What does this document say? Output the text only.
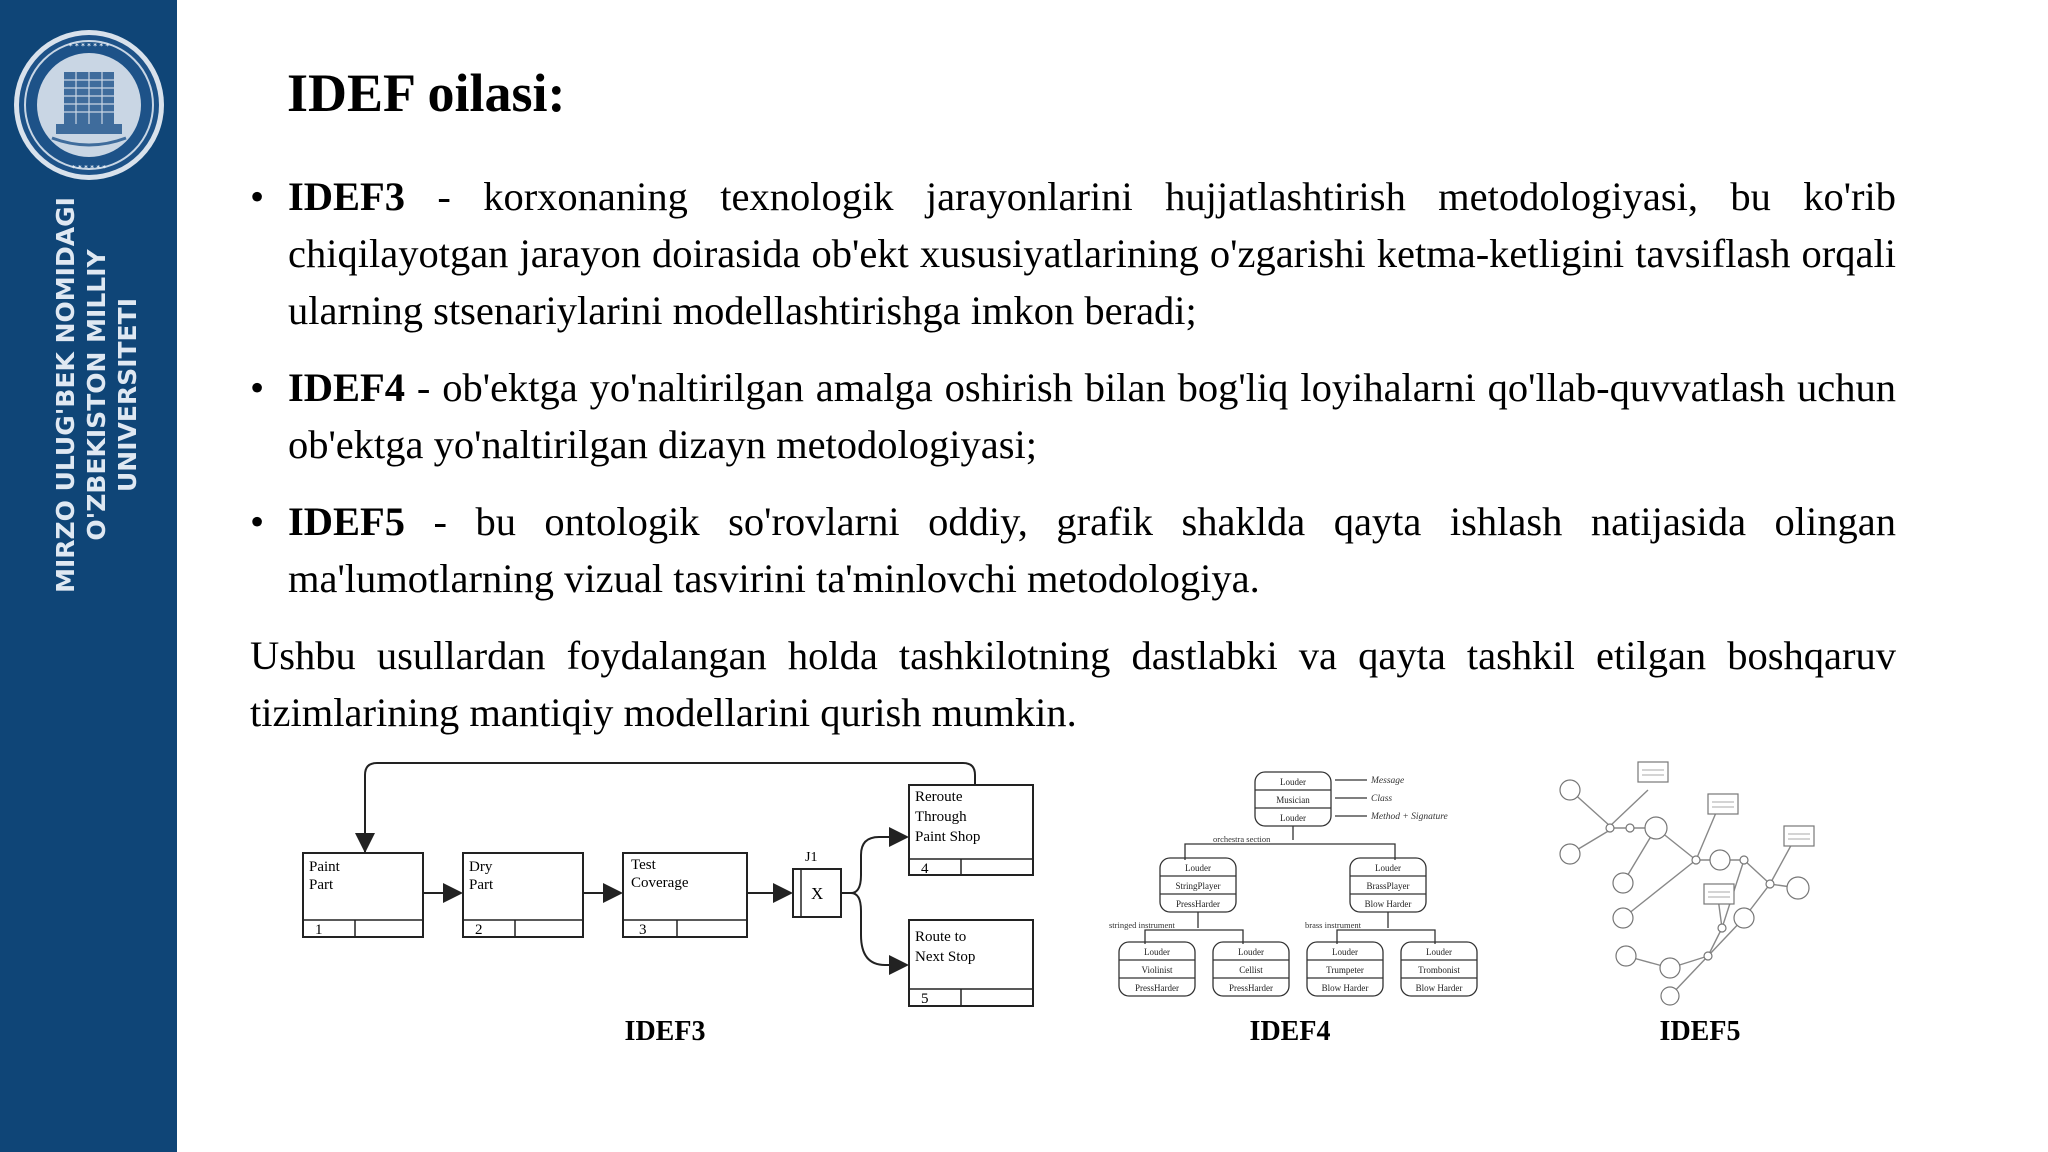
* * * * * * *
* * * * * *
MIRZO ULUG'BEK NOMIDAGI O'ZBEKISTON MILLIY UNIVERSITETI
IDEF oilasi:

• IDEF3 - korxonaning texnologik jarayonlarini hujjatlashtirish metodologiyasi, bu ko'rib chiqilayotgan jarayon doirasida ob'ekt xususiyatlarining o'zgarishi ketma-ketligini tavsiflash orqali ularning stsenariylarini modellashtirishga imkon beradi;

• IDEF4 - ob'ektga yo'naltirilgan amalga oshirish bilan bog'liq loyihalarni qo'llab-quvvatlash uchun ob'ektga yo'naltirilgan dizayn metodologiyasi;

• IDEF5 - bu ontologik so'rovlarni oddiy, grafik shaklda qayta ishlash natijasida olingan ma'lumotlarning vizual tasvirini ta'minlovchi metodologiya.

Ushbu usullardan foydalangan holda tashkilotning dastlabki va qayta tashkil etilgan boshqaruv tizimlarining mantiqiy modellarini qurish mumkin.

Paint
Part
1
Dry
Part
2
Test
Coverage
3
X
J1
Reroute
Through
Paint Shop
4
Route to
Next Stop
5
IDEF3
Louder
Musician
Louder
Louder
StringPlayer
PressHarder
Louder
BrassPlayer
Blow Harder
Louder
Violinist
PressHarder
Louder
Cellist
PressHarder
Louder
Trumpeter
Blow Harder
Louder
Trombonist
Blow Harder
Message
Class
Method + Signature
orchestra section
stringed instrument	brass instrument
IDEF4	IDEF5
